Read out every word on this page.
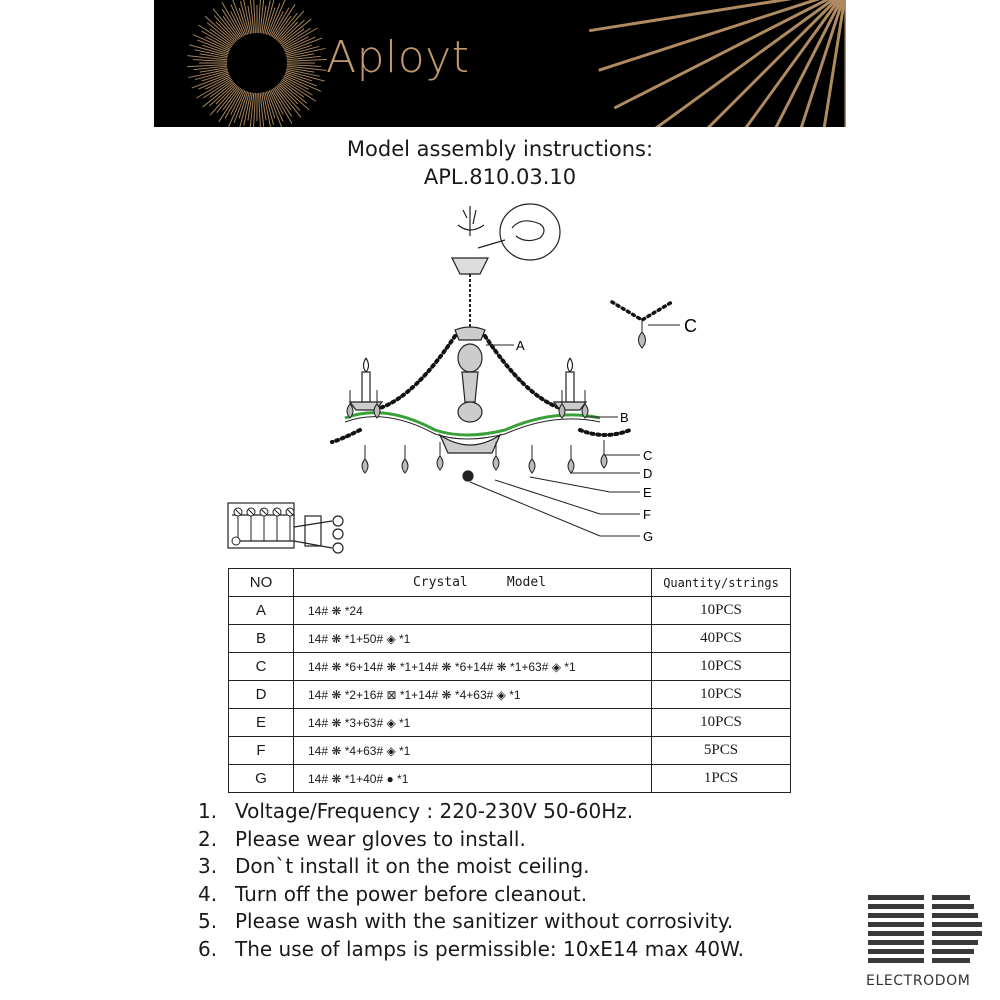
Aployt
Model assembly instructions:
APL.810.03.10
A
B
C
C
D
E
F
G
NO	Crystal     Model	Quantity/strings
A	14# ❋ *24	10PCS
B	14# ❋ *1+50# ◈ *1	40PCS
C	14# ❋ *6+14# ❋ *1+14# ❋ *6+14# ❋ *1+63# ◈ *1	10PCS
D	14# ❋ *2+16# ⊠ *1+14# ❋ *4+63# ◈ *1	10PCS
E	14# ❋ *3+63# ◈ *1	10PCS
F	14# ❋ *4+63# ◈ *1	5PCS
G	14# ❋ *1+40# ● *1	1PCS
1. Voltage/Frequency : 220-230V 50-60Hz.
2. Please wear gloves to install.
3. Don`t install it on the moist ceiling.
4. Turn off the power before cleanout.
5. Please wash with the sanitizer without corrosivity.
6. The use of lamps is permissible: 10xE14 max 40W.
ELECTRODOM
